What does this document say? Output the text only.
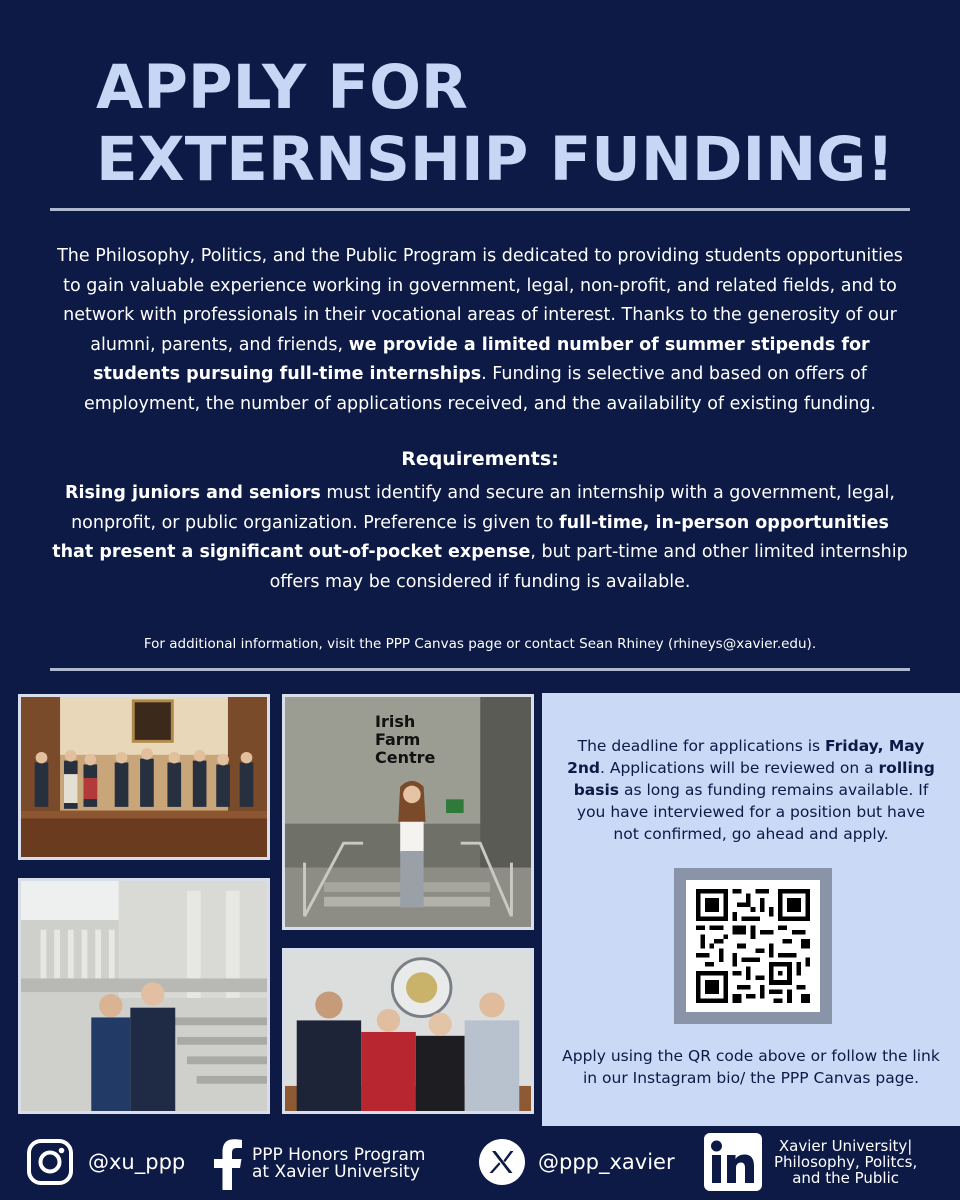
APPLY FOR
EXTERNSHIP FUNDING!

The Philosophy, Politics, and the Public Program is dedicated to providing students opportunities to gain valuable experience working in government, legal, non-profit, and related fields, and to network with professionals in their vocational areas of interest. Thanks to the generosity of our alumni, parents, and friends, we provide a limited number of summer stipends for students pursuing full-time internships. Funding is selective and based on offers of employment, the number of applications received, and the availability of existing funding.

Requirements:

Rising juniors and seniors must identify and secure an internship with a government, legal, nonprofit, or public organization. Preference is given to full-time, in-person opportunities that present a significant out-of-pocket expense, but part-time and other limited internship offers may be considered if funding is available.

For additional information, visit the PPP Canvas page or contact Sean Rhiney (rhineys@xavier.edu).

Irish
Farm
Centre

The deadline for applications is Friday, May 2nd. Applications will be reviewed on a rolling basis as long as funding remains available. If you have interviewed for a position but have not confirmed, go ahead and apply.

Apply using the QR code above or follow the link in our Instagram bio/ the PPP Canvas page.

@xu_ppp	PPP Honors Program
at Xavier University	@ppp_xavier
Xavier University|
Philosophy, Politcs,
and the Public
